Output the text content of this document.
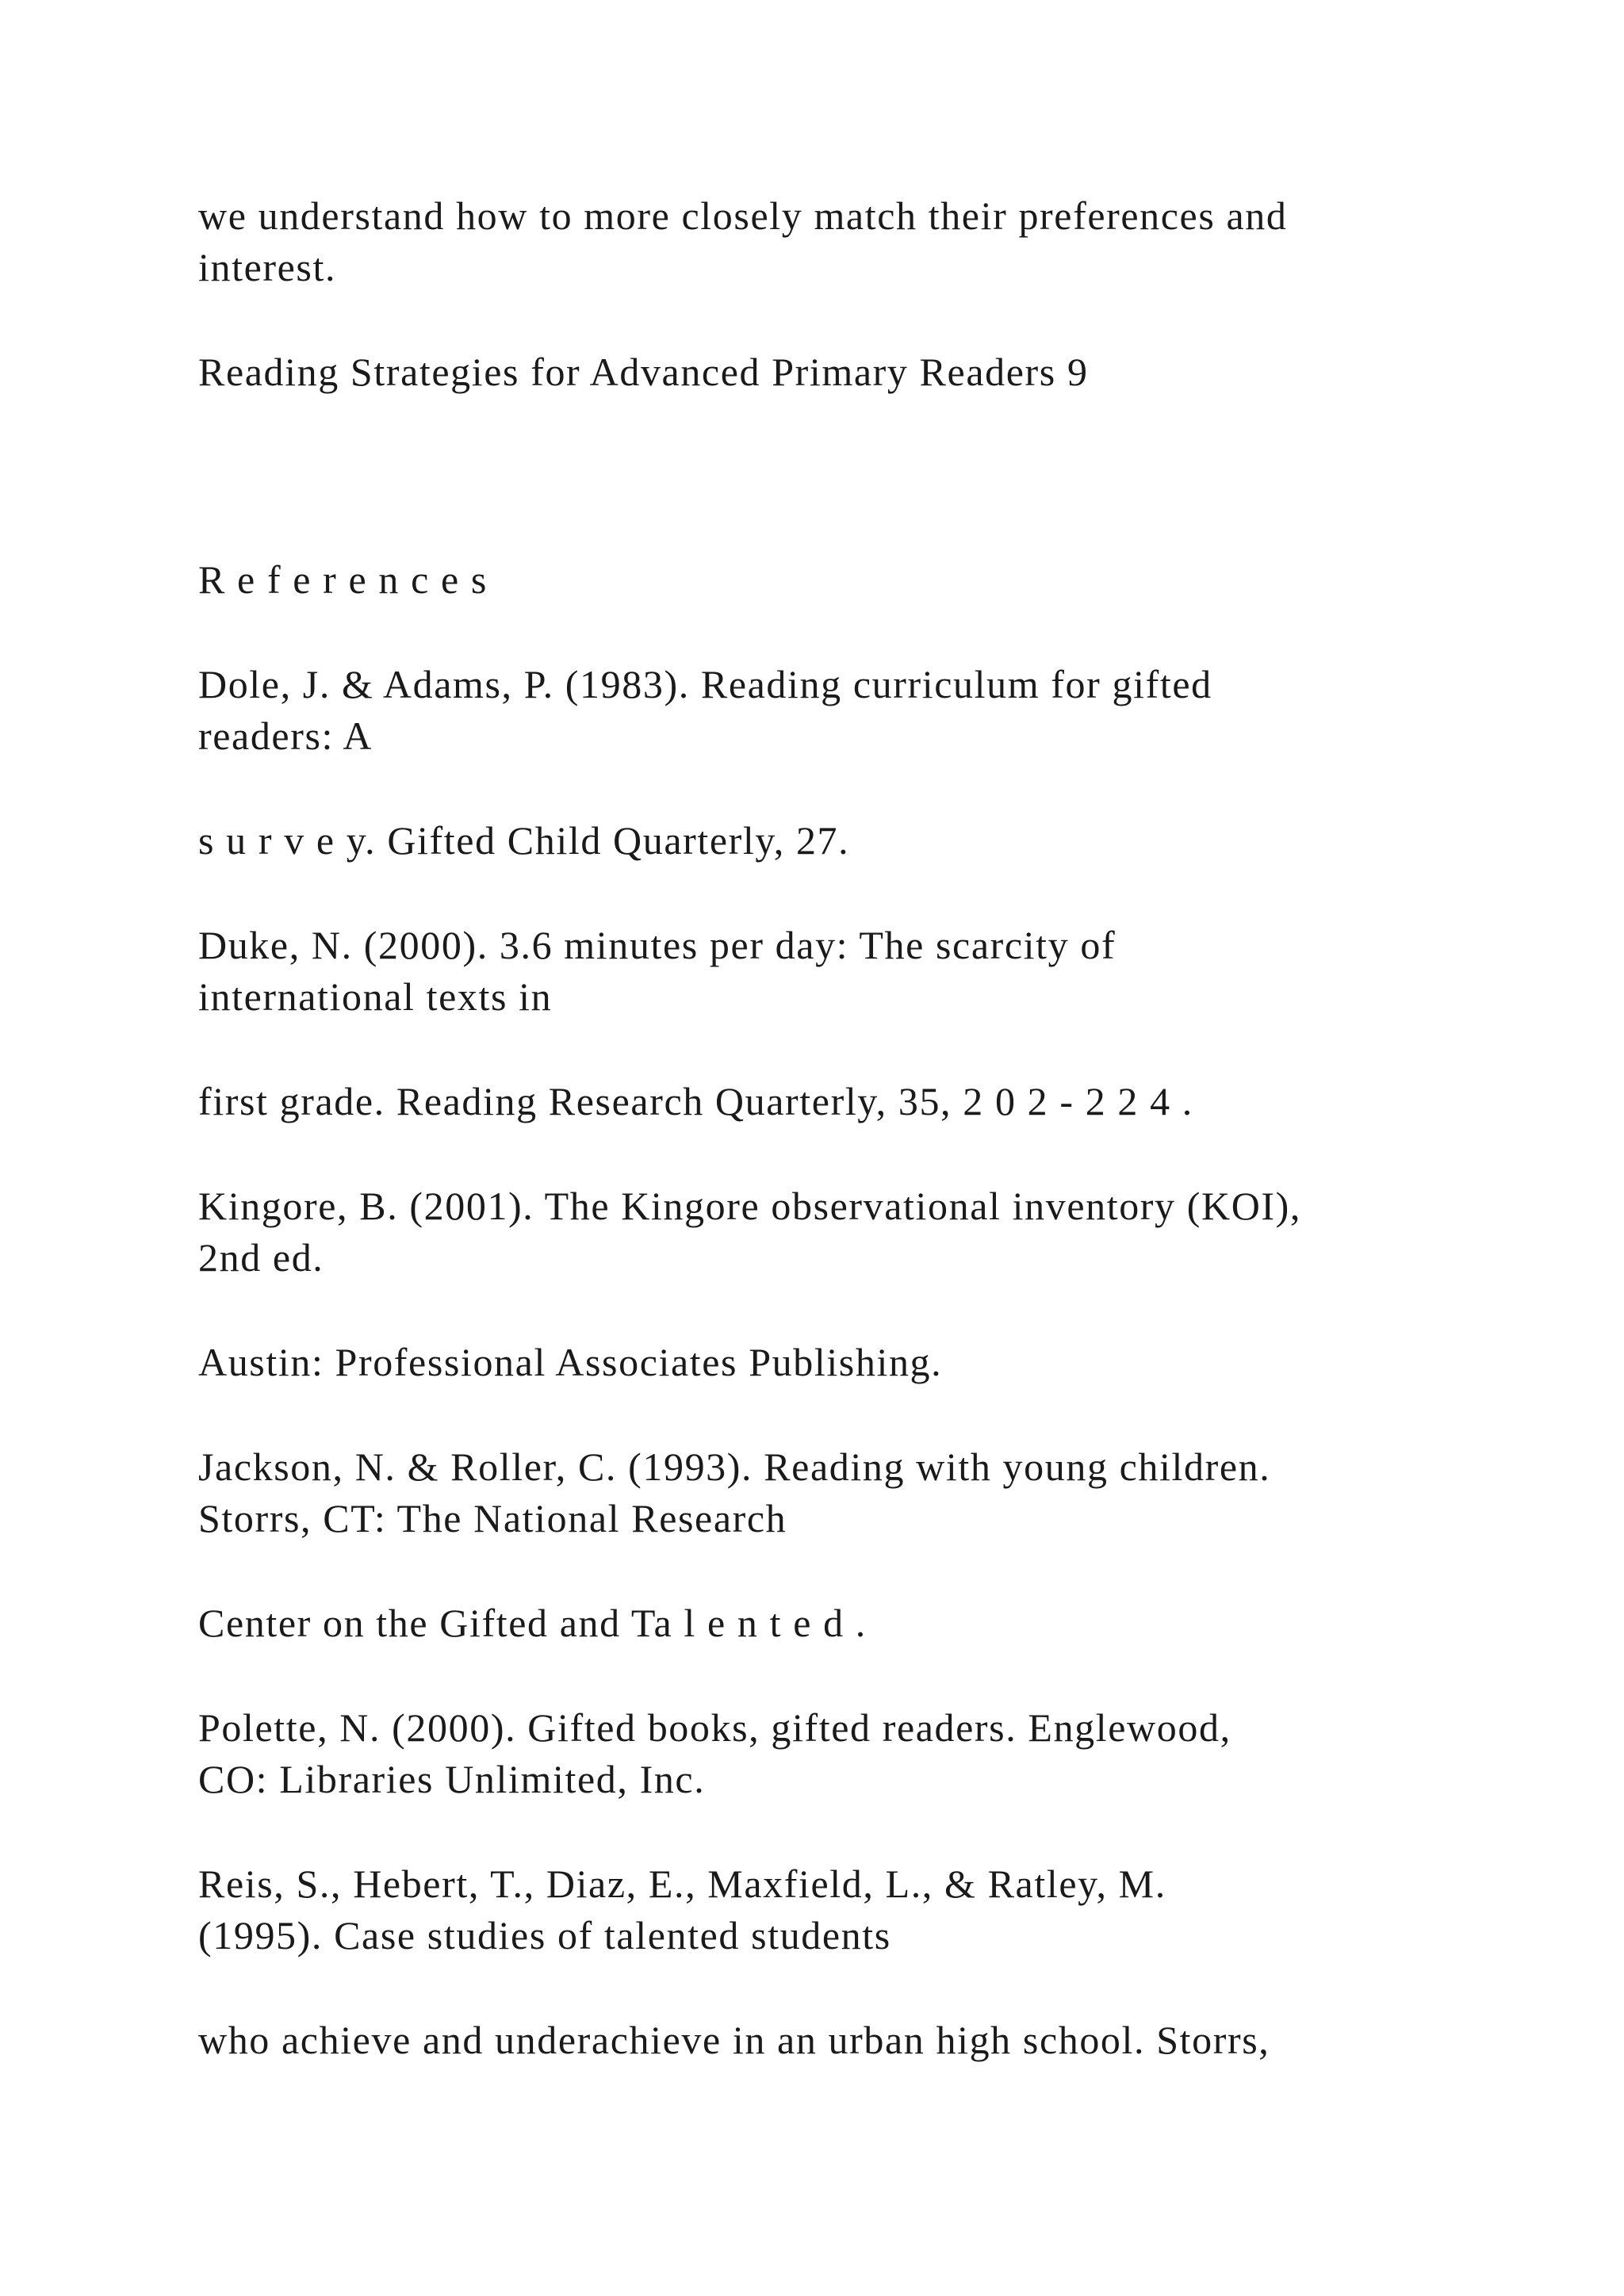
we understand how to more closely match their preferences and
interest.

Reading Strategies for Advanced Primary Readers 9

R e f e r e n c e s

Dole, J. & Adams, P. (1983). Reading curriculum for gifted
readers: A

s u r v e y. Gifted Child Quarterly, 27.

Duke, N. (2000). 3.6 minutes per day: The scarcity of
international texts in

first grade. Reading Research Quarterly, 35, 2 0 2 - 2 2 4 .

Kingore, B. (2001). The Kingore observational inventory (KOI),
2nd ed.

Austin: Professional Associates Publishing.

Jackson, N. & Roller, C. (1993). Reading with young children.
Storrs, CT: The National Research

Center on the Gifted and Ta l e n t e d .

Polette, N. (2000). Gifted books, gifted readers. Englewood,
CO: Libraries Unlimited, Inc.

Reis, S., Hebert, T., Diaz, E., Maxfield, L., & Ratley, M.
(1995). Case studies of talented students

who achieve and underachieve in an urban high school. Storrs,
